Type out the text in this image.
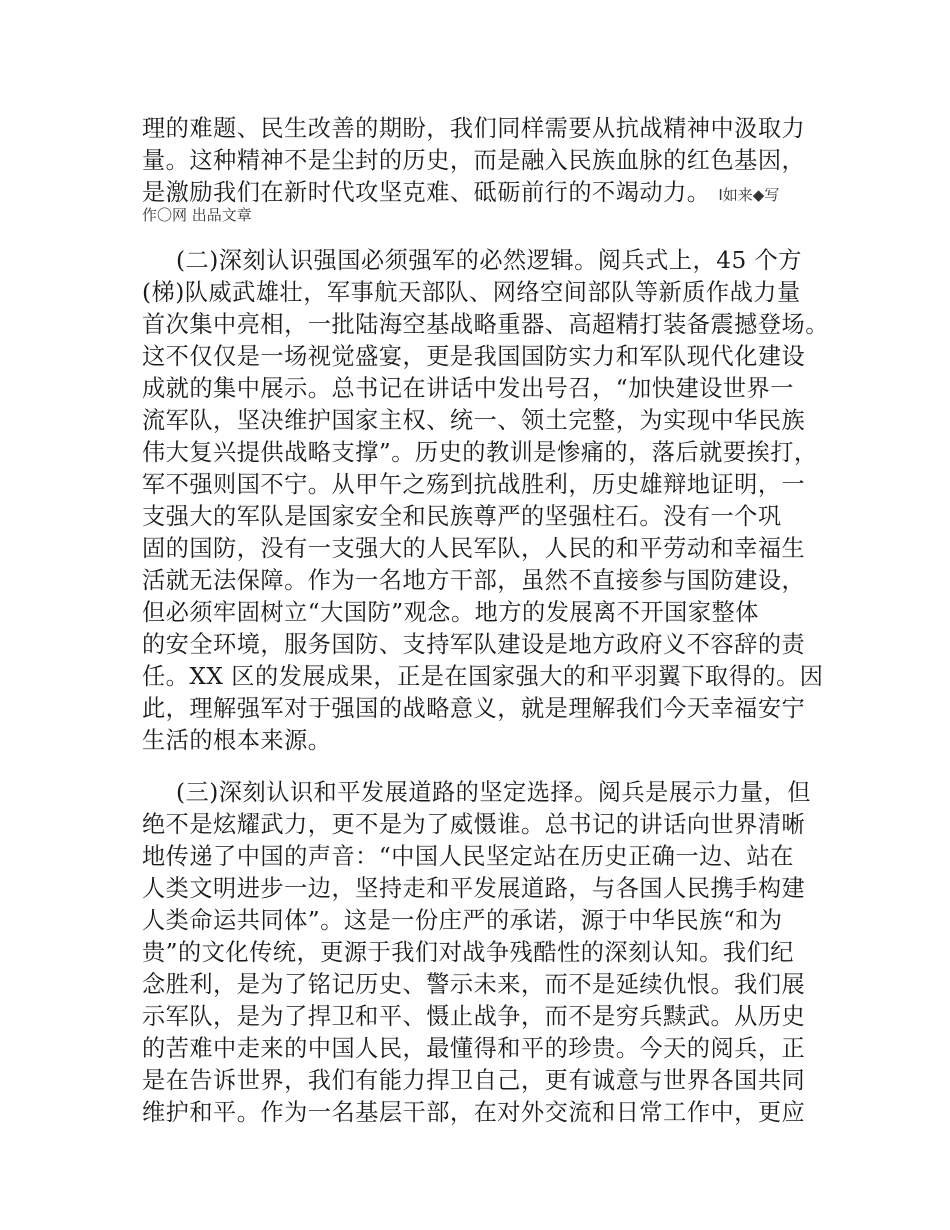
理的难题、民生改善的期盼，我们同样需要从抗战精神中汲取力
量。这种精神不是尘封的历史，而是融入民族血脉的红色基因，
是激励我们在新时代攻坚克难、砥砺前行的不竭动力。 I如来◆写
作〇网 出品文章
(二)深刻认识强国必须强军的必然逻辑。阅兵式上，45 个方
(梯)队威武雄壮，军事航天部队、网络空间部队等新质作战力量
首次集中亮相，一批陆海空基战略重器、高超精打装备震撼登场。
这不仅仅是一场视觉盛宴，更是我国国防实力和军队现代化建设
成就的集中展示。总书记在讲话中发出号召，“加快建设世界一
流军队，坚决维护国家主权、统一、领土完整，为实现中华民族
伟大复兴提供战略支撑”。历史的教训是惨痛的，落后就要挨打，
军不强则国不宁。从甲午之殇到抗战胜利，历史雄辩地证明，一
支强大的军队是国家安全和民族尊严的坚强柱石。没有一个巩
固的国防，没有一支强大的人民军队，人民的和平劳动和幸福生
活就无法保障。作为一名地方干部，虽然不直接参与国防建设，
但必须牢固树立“大国防”观念。地方的发展离不开国家整体
的安全环境，服务国防、支持军队建设是地方政府义不容辞的责
任。XX 区的发展成果，正是在国家强大的和平羽翼下取得的。因
此，理解强军对于强国的战略意义，就是理解我们今天幸福安宁
生活的根本来源。
(三)深刻认识和平发展道路的坚定选择。阅兵是展示力量，但
绝不是炫耀武力，更不是为了威慑谁。总书记的讲话向世界清晰
地传递了中国的声音：“中国人民坚定站在历史正确一边、站在
人类文明进步一边，坚持走和平发展道路，与各国人民携手构建
人类命运共同体”。这是一份庄严的承诺，源于中华民族“和为
贵”的文化传统，更源于我们对战争残酷性的深刻认知。我们纪
念胜利，是为了铭记历史、警示未来，而不是延续仇恨。我们展
示军队，是为了捍卫和平、慑止战争，而不是穷兵黩武。从历史
的苦难中走来的中国人民，最懂得和平的珍贵。今天的阅兵，正
是在告诉世界，我们有能力捍卫自己，更有诚意与世界各国共同
维护和平。作为一名基层干部，在对外交流和日常工作中，更应
